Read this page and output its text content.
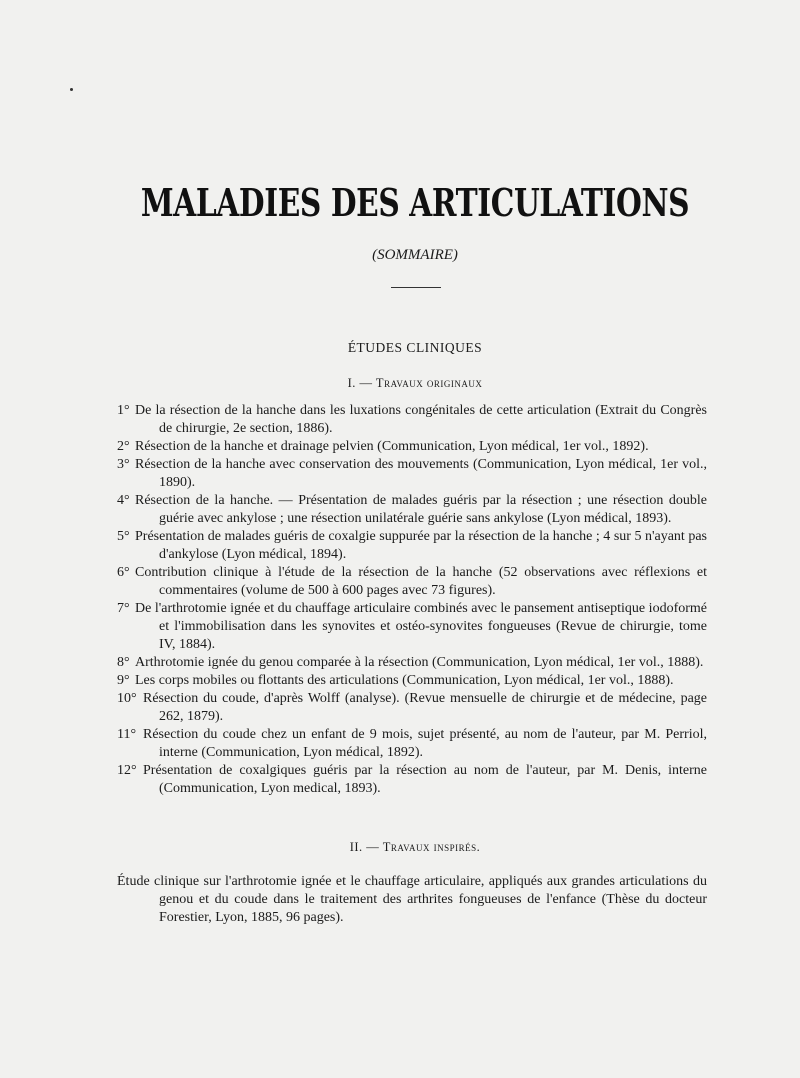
MALADIES DES ARTICULATIONS
(SOMMAIRE)
ÉTUDES CLINIQUES
I. — Travaux originaux
1° De la résection de la hanche dans les luxations congénitales de cette articulation (Extrait du Congrès de chirurgie, 2e section, 1886).
2° Résection de la hanche et drainage pelvien (Communication, Lyon médical, 1er vol., 1892).
3° Résection de la hanche avec conservation des mouvements (Communication, Lyon médical, 1er vol., 1890).
4° Résection de la hanche. — Présentation de malades guéris par la résection ; une résection double guérie avec ankylose ; une résection unilatérale guérie sans ankylose (Lyon médical, 1893).
5° Présentation de malades guéris de coxalgie suppurée par la résection de la hanche ; 4 sur 5 n'ayant pas d'ankylose (Lyon médical, 1894).
6° Contribution clinique à l'étude de la résection de la hanche (52 observations avec réflexions et commentaires (volume de 500 à 600 pages avec 73 figures).
7° De l'arthrotomie ignée et du chauffage articulaire combinés avec le pansement antiseptique iodoformé et l'immobilisation dans les synovites et ostéo-synovites fongueuses (Revue de chirurgie, tome IV, 1884).
8° Arthrotomie ignée du genou comparée à la résection (Communication, Lyon médical, 1er vol., 1888).
9° Les corps mobiles ou flottants des articulations (Communication, Lyon médical, 1er vol., 1888).
10° Résection du coude, d'après Wolff (analyse). (Revue mensuelle de chirurgie et de médecine, page 262, 1879).
11° Résection du coude chez un enfant de 9 mois, sujet présenté, au nom de l'auteur, par M. Perriol, interne (Communication, Lyon médical, 1892).
12° Présentation de coxalgiques guéris par la résection au nom de l'auteur, par M. Denis, interne (Communication, Lyon medical, 1893).
II. — Travaux inspirés.
Étude clinique sur l'arthrotomie ignée et le chauffage articulaire, appliqués aux grandes articulations du genou et du coude dans le traitement des arthrites fongueuses de l'enfance (Thèse du docteur Forestier, Lyon, 1885, 96 pages).
